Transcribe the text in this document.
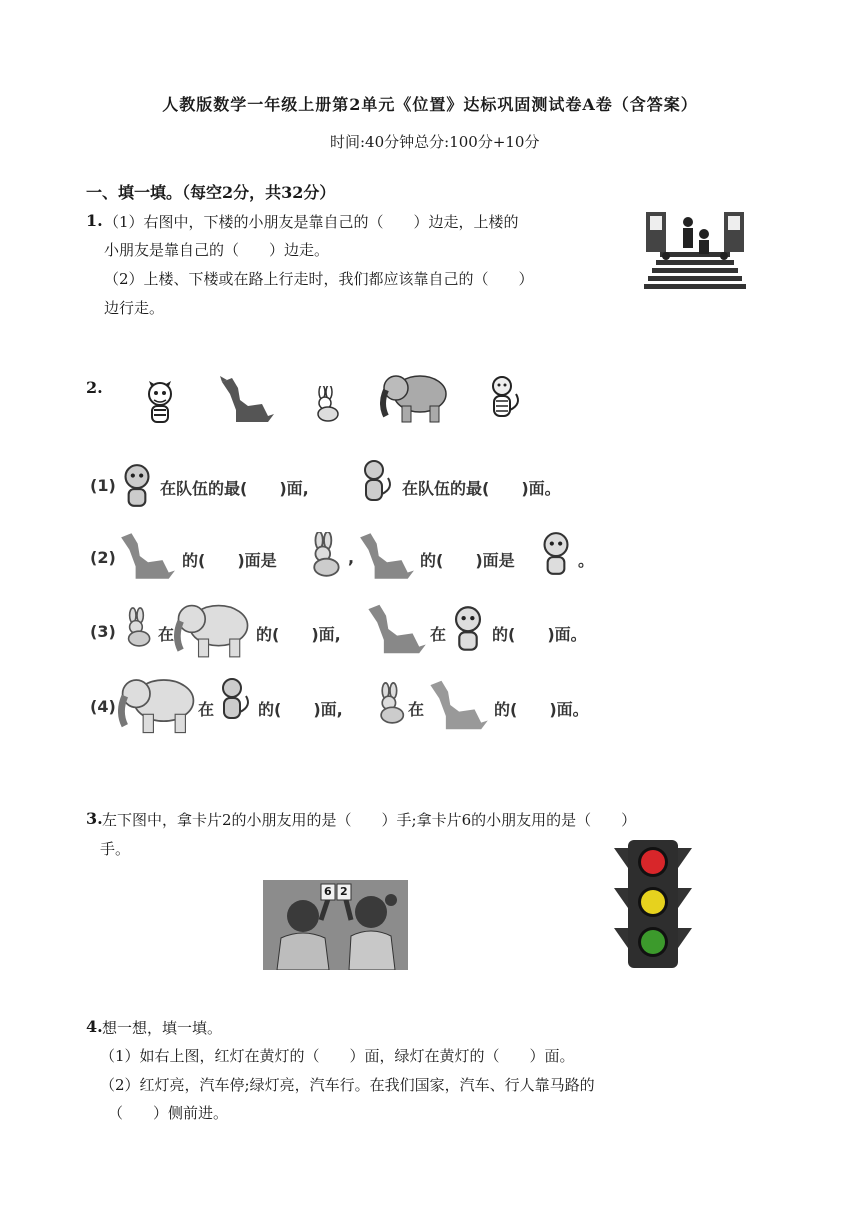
人教版数学一年级上册第2单元《位置》达标巩固测试卷A卷（含答案）
时间:40分钟总分:100分+10分
一、填一填。（每空2分，共32分）
1. （1）右图中，下楼的小朋友是靠自己的（　　）边走，上楼的
小朋友是靠自己的（　　）边走。
（2）上楼、下楼或在路上行走时，我们都应该靠自己的（　　）
边行走。
2.
(1)	在队伍的最(　　)面,	在队伍的最(　　)面。
(2)	的(　　)面是	,	的(　　)面是	。
(3)	在	的(　　)面,	在	的(　　)面。
(4)	在	的(　　)面,	在	的(　　)面。
3. 左下图中，拿卡片2的小朋友用的是（　　）手;拿卡片6的小朋友用的是（　　）
手。
6 2
4. 想一想，填一填。
（1）如右上图，红灯在黄灯的（　　）面，绿灯在黄灯的（　　）面。
（2）红灯亮，汽车停;绿灯亮，汽车行。在我们国家，汽车、行人靠马路的
（　　）侧前进。
